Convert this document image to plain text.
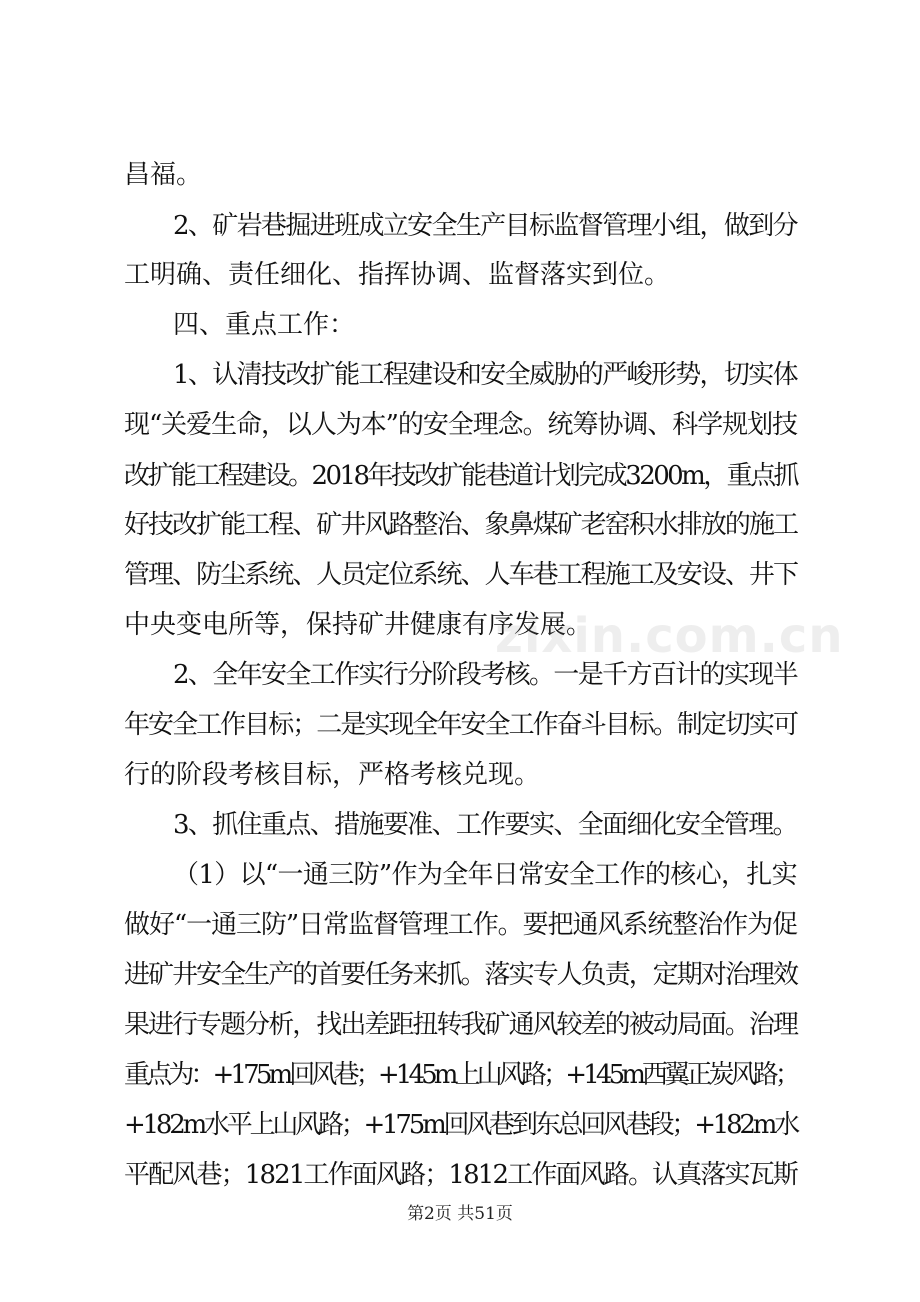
昌福。
2、矿岩巷掘进班成立安全生产目标监督管理小组，做到分
工明确、责任细化、指挥协调、监督落实到位。
四、重点工作：
1、认清技改扩能工程建设和安全威胁的严峻形势，切实体
现“关爱生命，以人为本”的安全理念。统筹协调、科学规划技
改扩能工程建设。2018年技改扩能巷道计划完成3200m，重点抓
好技改扩能工程、矿井风路整治、象鼻煤矿老窑积水排放的施工
管理、防尘系统、人员定位系统、人车巷工程施工及安设、井下
中央变电所等，保持矿井健康有序发展。
2、全年安全工作实行分阶段考核。一是千方百计的实现半
年安全工作目标；二是实现全年安全工作奋斗目标。制定切实可
行的阶段考核目标，严格考核兑现。
3、抓住重点、措施要准、工作要实、全面细化安全管理。
（1）以“一通三防”作为全年日常安全工作的核心，扎实
做好“一通三防”日常监督管理工作。要把通风系统整治作为促
进矿井安全生产的首要任务来抓。落实专人负责，定期对治理效
果进行专题分析，找出差距扭转我矿通风较差的被动局面。治理
重点为：+175m回风巷；+145m上山风路；+145m西翼正炭风路；
+182m水平上山风路；+175m回风巷到东总回风巷段；+182m水
平配风巷；1821工作面风路；1812工作面风路。认真落实瓦斯
zixin.com.cn
第2页 共51页
